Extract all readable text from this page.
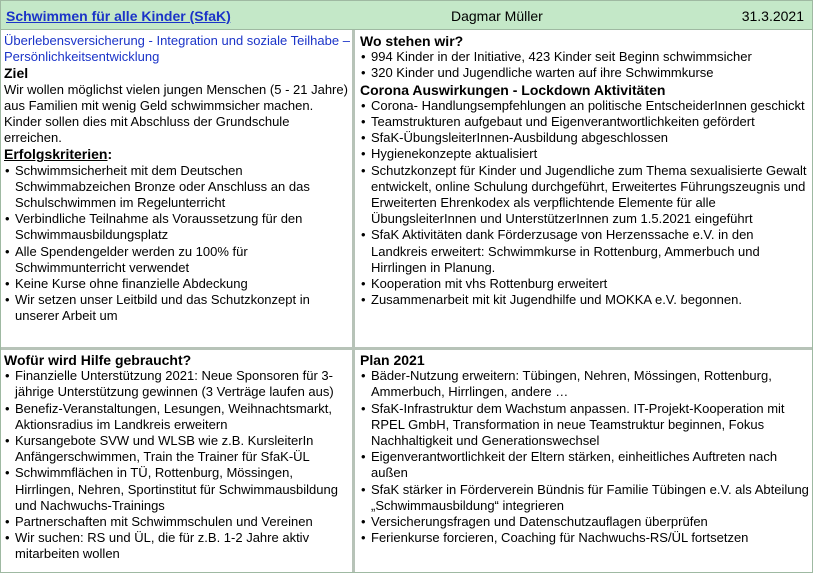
Schwimmen für alle Kinder (SfaK)	Dagmar Müller	31.3.2021

Überlebensversicherung - Integration und soziale Teilhabe – Persönlichkeitsentwicklung

Ziel

Wir wollen möglichst vielen jungen Menschen (5 - 21 Jahre) aus Familien mit wenig Geld schwimmsicher machen. Kinder sollen dies mit Abschluss der Grundschule erreichen.

Erfolgskriterien:

• Schwimmsicherheit mit dem Deutschen Schwimmabzeichen Bronze oder Anschluss an das Schulschwimmen im Regelunterricht
• Verbindliche Teilnahme als Voraussetzung für den Schwimmausbildungsplatz
• Alle Spendengelder werden zu 100% für Schwimmunterricht verwendet
• Keine Kurse ohne finanzielle Abdeckung
• Wir setzen unser Leitbild und das Schutzkonzept in unserer Arbeit um

Wo stehen wir?

• 994 Kinder in der Initiative, 423 Kinder seit Beginn schwimmsicher
• 320 Kinder und Jugendliche warten auf ihre Schwimmkurse

Corona Auswirkungen - Lockdown Aktivitäten

• Corona- Handlungsempfehlungen an politische EntscheiderInnen geschickt
• Teamstrukturen aufgebaut und Eigenverantwortlichkeiten gefördert
• SfaK-ÜbungsleiterInnen-Ausbildung abgeschlossen
• Hygienekonzepte aktualisiert
• Schutzkonzept für Kinder und Jugendliche zum Thema sexualisierte Gewalt entwickelt, online Schulung durchgeführt, Erweitertes Führungszeugnis und Erweiterten Ehrenkodex als verpflichtende Elemente für alle ÜbungsleiterInnen und UnterstützerInnen zum 1.5.2021 eingeführt
• SfaK Aktivitäten dank Förderzusage von Herzenssache e.V. in den Landkreis erweitert: Schwimmkurse in Rottenburg, Ammerbuch und Hirrlingen in Planung.
• Kooperation mit vhs Rottenburg erweitert
• Zusammenarbeit mit kit Jugendhilfe und MOKKA e.V. begonnen.

Wofür wird Hilfe gebraucht?

• Finanzielle Unterstützung 2021: Neue Sponsoren für 3-jährige Unterstützung gewinnen (3 Verträge laufen aus)
• Benefiz-Veranstaltungen, Lesungen, Weihnachtsmarkt, Aktionsradius im Landkreis erweitern
• Kursangebote SVW und WLSB wie z.B. KursleiterIn Anfängerschwimmen, Train the Trainer für SfaK-ÜL
• Schwimmflächen in TÜ, Rottenburg, Mössingen, Hirrlingen, Nehren, Sportinstitut für Schwimmausbildung und Nachwuchs-Trainings
• Partnerschaften mit Schwimmschulen und Vereinen
• Wir suchen: RS und ÜL, die für z.B. 1-2 Jahre aktiv mitarbeiten wollen

Plan 2021

• Bäder-Nutzung erweitern: Tübingen, Nehren, Mössingen, Rottenburg, Ammerbuch, Hirrlingen, andere …
• SfaK-Infrastruktur dem Wachstum anpassen. IT-Projekt-Kooperation mit RPEL GmbH, Transformation in neue Teamstruktur beginnen, Fokus Nachhaltigkeit und Generationswechsel
• Eigenverantwortlichkeit der Eltern stärken, einheitliches Auftreten nach außen
• SfaK stärker in Förderverein Bündnis für Familie Tübingen e.V. als Abteilung „Schwimmausbildung“ integrieren
• Versicherungsfragen und Datenschutzauflagen überprüfen
• Ferienkurse forcieren, Coaching für Nachwuchs-RS/ÜL fortsetzen
